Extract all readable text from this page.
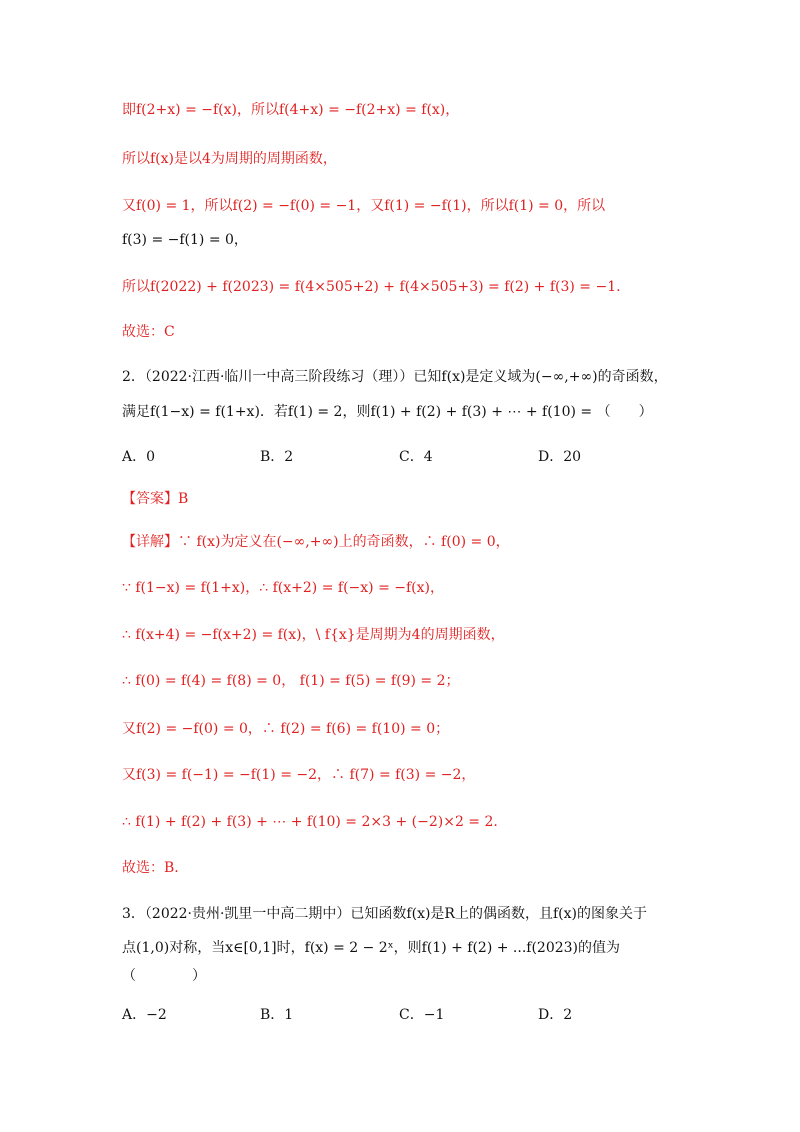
即f(2+x) = −f(x)，所以f(4+x) = −f(2+x) = f(x)，
所以f(x)是以4为周期的周期函数，
又f(0) = 1，所以f(2) = −f(0) = −1，又f(1) = −f(1)，所以f(1) = 0，所以
f(3) = −f(1) = 0，
所以f(2022) + f(2023) = f(4×505+2) + f(4×505+3) = f(2) + f(3) = −1.
故选：C
2．（2022·江西·临川一中高三阶段练习（理））已知f(x)是定义域为(−∞,+∞)的奇函数，
满足f(1−x) = f(1+x)．若f(1) = 2，则f(1) + f(2) + f(3) + ⋯ + f(10) = （　　）
A．0	B．2	C．4	D．20
【答案】B
【详解】∵ f(x)为定义在(−∞,+∞)上的奇函数，∴ f(0) = 0，
∵ f(1−x) = f(1+x)，∴ f(x+2) = f(−x) = −f(x)，
∴ f(x+4) = −f(x+2) = f(x)，\ f{x}是周期为4的周期函数，
∴ f(0) = f(4) = f(8) = 0， f(1) = f(5) = f(9) = 2；
又f(2) = −f(0) = 0，∴ f(2) = f(6) = f(10) = 0；
又f(3) = f(−1) = −f(1) = −2，∴ f(7) = f(3) = −2，
∴ f(1) + f(2) + f(3) + ⋯ + f(10) = 2×3 + (−2)×2 = 2.
故选：B.
3．（2022·贵州·凯里一中高二期中）已知函数f(x)是R上的偶函数，且f(x)的图象关于
点(1,0)对称，当x∈[0,1]时，f(x) = 2 − 2ˣ，则f(1) + f(2) + ...f(2023)的值为
（　　　　）
A．−2	B．1	C．−1	D．2
